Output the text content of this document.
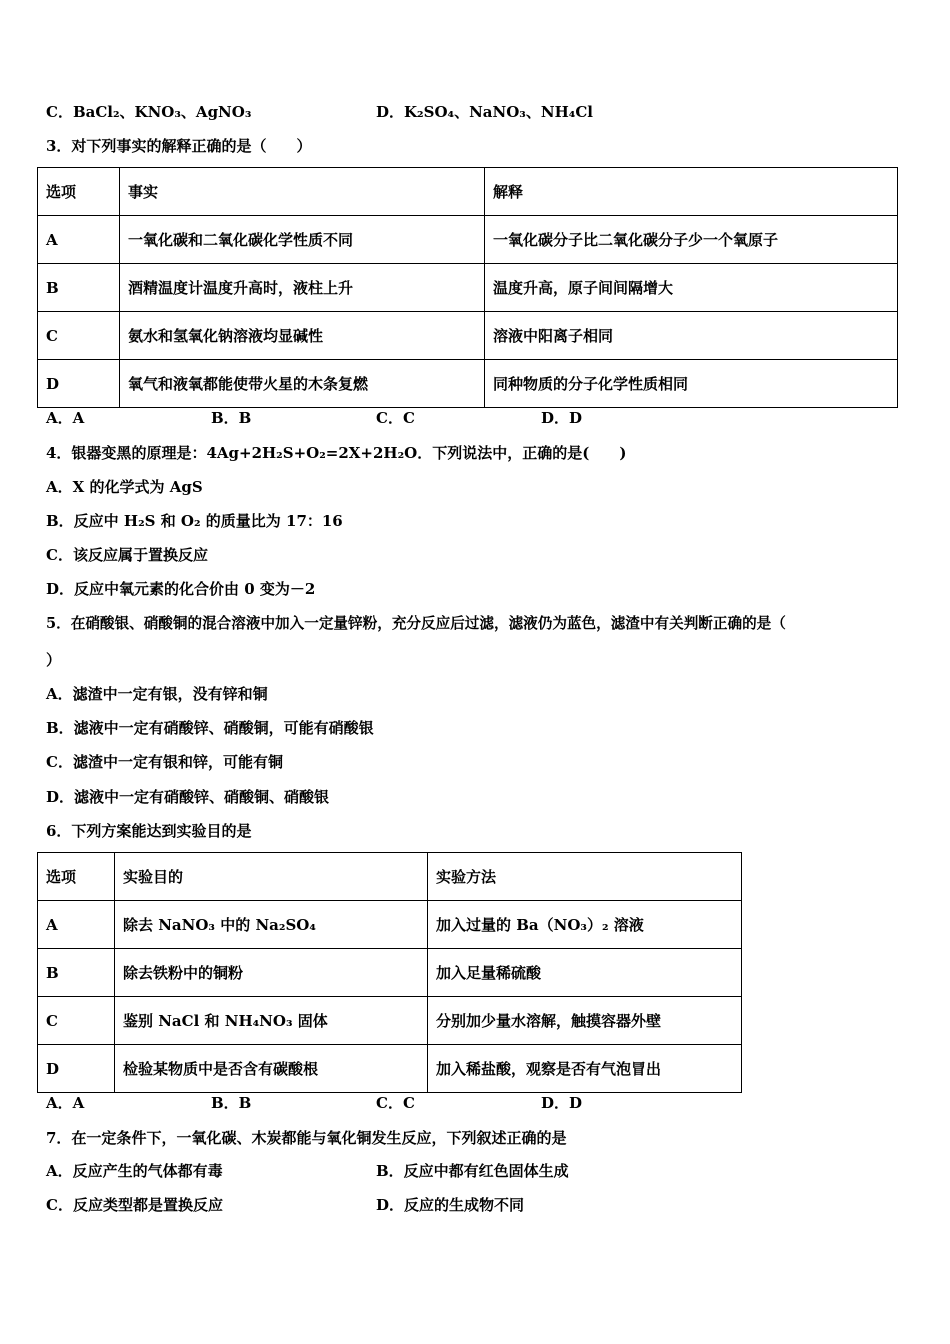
C．BaCl₂、KNO₃、AgNO₃	D．K₂SO₄、NaNO₃、NH₄Cl
3．对下列事实的解释正确的是（　　）
选项	事实	解释
A	一氧化碳和二氧化碳化学性质不同	一氧化碳分子比二氧化碳分子少一个氧原子
B	酒精温度计温度升高时，液柱上升	温度升高，原子间间隔增大
C	氨水和氢氧化钠溶液均显碱性	溶液中阳离子相同
D	氧气和液氧都能使带火星的木条复燃	同种物质的分子化学性质相同
A．A	B．B	C．C	D．D
4．银器变黑的原理是：4Ag+2H₂S+O₂=2X+2H₂O．下列说法中，正确的是(　　)
A．X 的化学式为 AgS
B．反应中 H₂S 和 O₂ 的质量比为 17：16
C．该反应属于置换反应
D．反应中氧元素的化合价由 0 变为－2
5．在硝酸银、硝酸铜的混合溶液中加入一定量锌粉，充分反应后过滤，滤液仍为蓝色，滤渣中有关判断正确的是（
）
A．滤渣中一定有银，没有锌和铜
B．滤液中一定有硝酸锌、硝酸铜，可能有硝酸银
C．滤渣中一定有银和锌，可能有铜
D．滤液中一定有硝酸锌、硝酸铜、硝酸银
6．下列方案能达到实验目的是
选项	实验目的	实验方法
A	除去 NaNO₃ 中的 Na₂SO₄	加入过量的 Ba（NO₃）₂ 溶液
B	除去铁粉中的铜粉	加入足量稀硫酸
C	鉴别 NaCl 和 NH₄NO₃ 固体	分别加少量水溶解，触摸容器外壁
D	检验某物质中是否含有碳酸根	加入稀盐酸，观察是否有气泡冒出
A．A	B．B	C．C	D．D
7．在一定条件下，一氧化碳、木炭都能与氧化铜发生反应，下列叙述正确的是
A．反应产生的气体都有毒	B．反应中都有红色固体生成
C．反应类型都是置换反应	D．反应的生成物不同
